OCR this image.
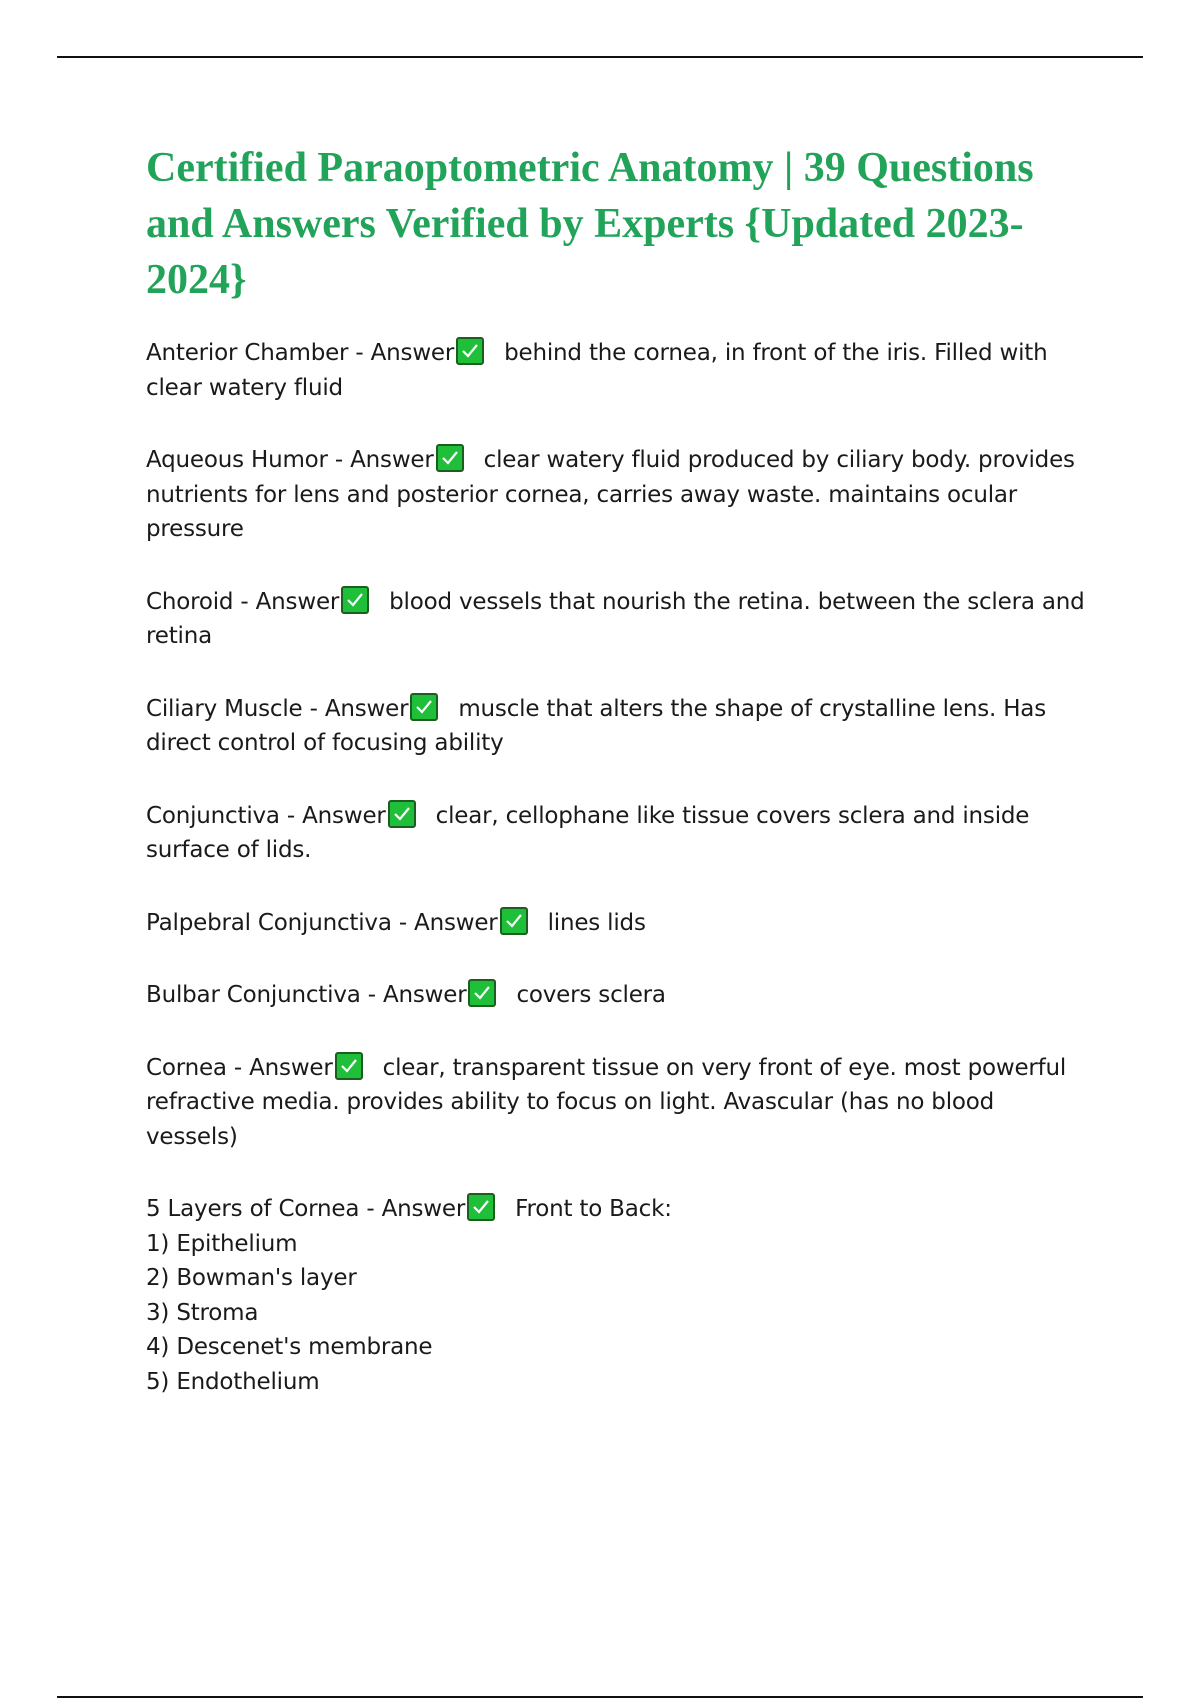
Certified Paraoptometric Anatomy | 39 Questions and Answers Verified by Experts {Updated 2023-2024}
Anterior Chamber - Answer behind the cornea, in front of the iris. Filled with clear watery fluid
Aqueous Humor - Answer clear watery fluid produced by ciliary body. provides nutrients for lens and posterior cornea, carries away waste. maintains ocular pressure
Choroid - Answer blood vessels that nourish the retina. between the sclera and retina
Ciliary Muscle - Answer muscle that alters the shape of crystalline lens. Has direct control of focusing ability
Conjunctiva - Answer clear, cellophane like tissue covers sclera and inside surface of lids.
Palpebral Conjunctiva - Answer lines lids
Bulbar Conjunctiva - Answer covers sclera
Cornea - Answer clear, transparent tissue on very front of eye. most powerful refractive media. provides ability to focus on light. Avascular (has no blood vessels)
5 Layers of Cornea - Answer Front to Back:
1) Epithelium
2) Bowman's layer
3) Stroma
4) Descenet's membrane
5) Endothelium
